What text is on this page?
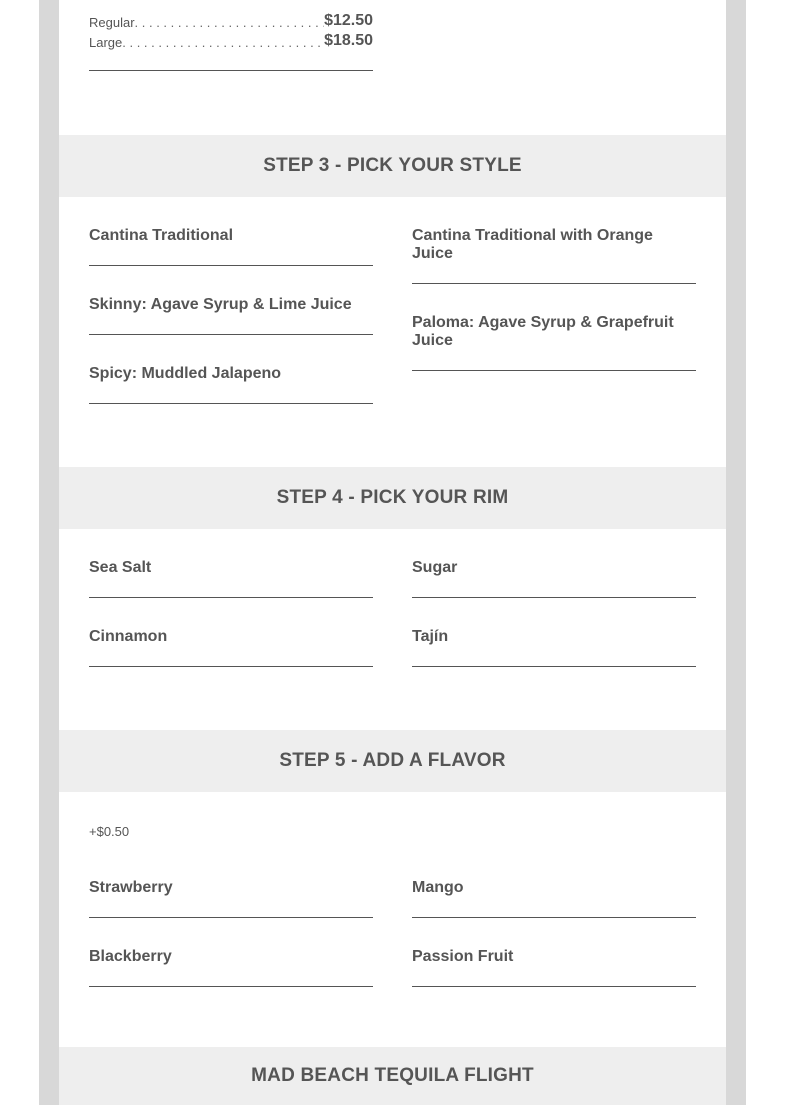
Regular . . .	$12.50
Large . . .	$18.50
STEP 3 - PICK YOUR STYLE
Cantina Traditional
Skinny: Agave Syrup & Lime Juice
Spicy: Muddled Jalapeno
Cantina Traditional with Orange Juice
Paloma: Agave Syrup & Grapefruit Juice
STEP 4 - PICK YOUR RIM
Sea Salt
Cinnamon
Sugar
Tajín
STEP 5 - ADD A FLAVOR
+$0.50
Strawberry
Blackberry
Mango
Passion Fruit
MAD BEACH TEQUILA FLIGHT
